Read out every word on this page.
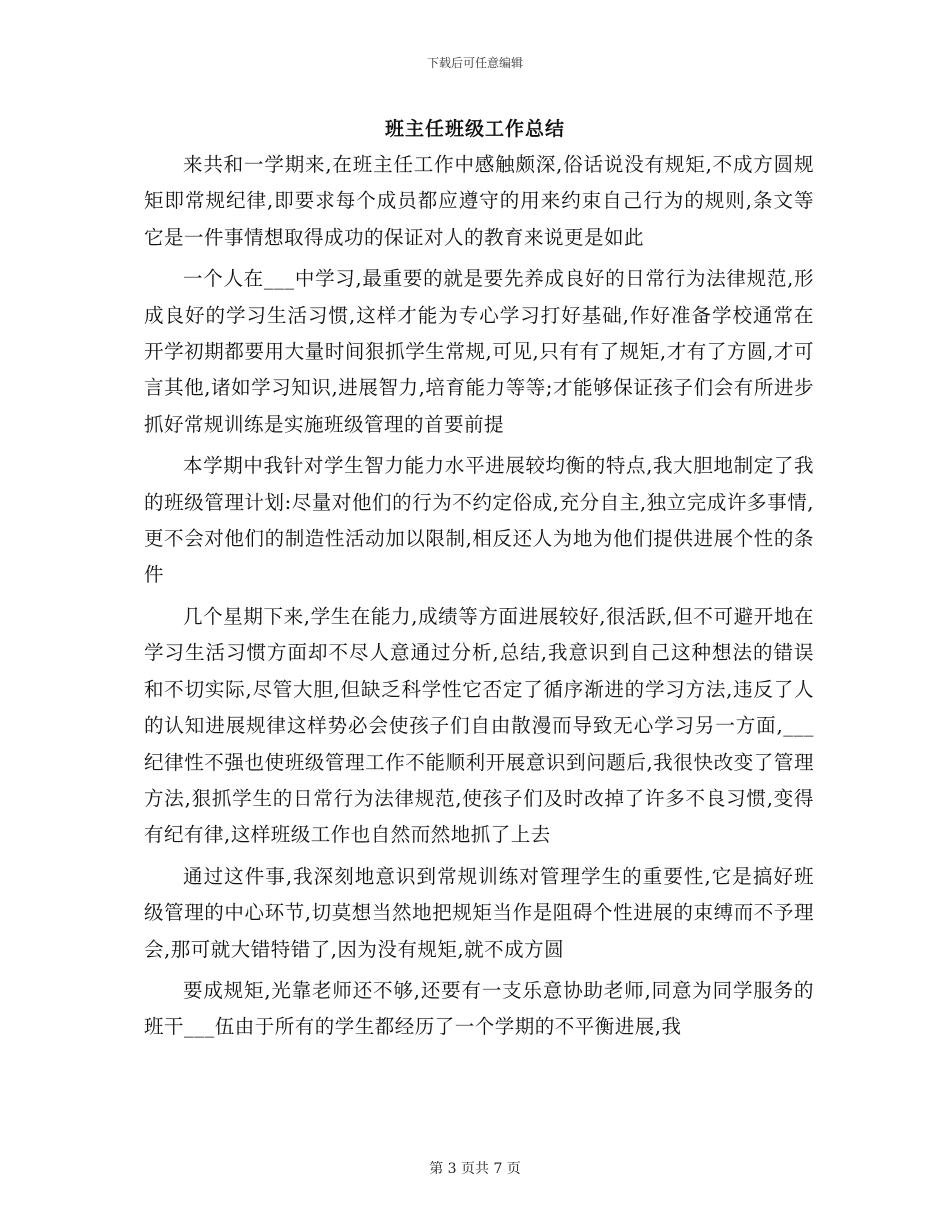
下载后可任意编辑
班主任班级工作总结

来共和一学期来,在班主任工作中感触颇深,俗话说没有规矩,不成方圆规矩即常规纪律,即要求每个成员都应遵守的用来约束自己行为的规则,条文等它是一件事情想取得成功的保证对人的教育来说更是如此

一个人在___中学习,最重要的就是要先养成良好的日常行为法律规范,形成良好的学习生活习惯,这样才能为专心学习打好基础,作好准备学校通常在开学初期都要用大量时间狠抓学生常规,可见,只有有了规矩,才有了方圆,才可言其他,诸如学习知识,进展智力,培育能力等等;才能够保证孩子们会有所进步抓好常规训练是实施班级管理的首要前提

本学期中我针对学生智力能力水平进展较均衡的特点,我大胆地制定了我的班级管理计划:尽量对他们的行为不约定俗成,充分自主,独立完成许多事情,更不会对他们的制造性活动加以限制,相反还人为地为他们提供进展个性的条件

几个星期下来,学生在能力,成绩等方面进展较好,很活跃,但不可避开地在学习生活习惯方面却不尽人意通过分析,总结,我意识到自己这种想法的错误和不切实际,尽管大胆,但缺乏科学性它否定了循序渐进的学习方法,违反了人的认知进展规律这样势必会使孩子们自由散漫而导致无心学习另一方面,___纪律性不强也使班级管理工作不能顺利开展意识到问题后,我很快改变了管理方法,狠抓学生的日常行为法律规范,使孩子们及时改掉了许多不良习惯,变得有纪有律,这样班级工作也自然而然地抓了上去

通过这件事,我深刻地意识到常规训练对管理学生的重要性,它是搞好班级管理的中心环节,切莫想当然地把规矩当作是阻碍个性进展的束缚而不予理会,那可就大错特错了,因为没有规矩,就不成方圆

要成规矩,光靠老师还不够,还要有一支乐意协助老师,同意为同学服务的班干___伍由于所有的学生都经历了一个学期的不平衡进展,我

第 3 页共 7 页
